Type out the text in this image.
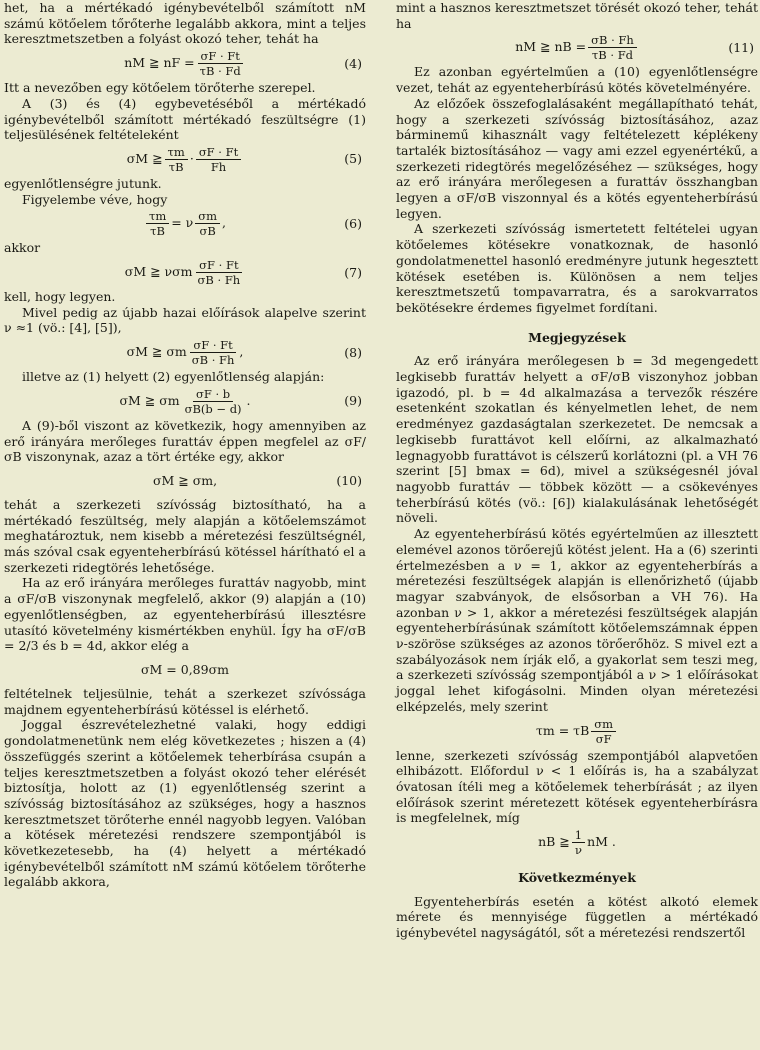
het, ha a mértékadó igénybevételből számított nM számú kötőelem tőrőterhe legalább akkora, mint a teljes keresztmetszetben a folyást okozó teher, tehát ha

nM ≧ nF = $\frac{\sigma F \cdot Ft}{\tau B \cdot Fd}$	(4)

Itt a nevezőben egy kötőelem törőterhe szerepel.

A (3) és (4) egybevetéséből a mértékadó igénybevételből számított mértékadó feszültségre (1) teljesülésének feltételeként

σM ≧ $\frac{\tau m}{\tau B} \cdot \frac{\sigma F \cdot Ft}{Fh}$	(5)

egyenlőtlenségre jutunk.

Figyelembe véve, hogy

$\frac{\tau m}{\tau B} = \nu \frac{\sigma m}{\sigma B}$ ,	(6)

akkor

σM ≧ νσm $\frac{\sigma F \cdot Ft}{\sigma B \cdot Fh}$	(7)

kell, hogy legyen.

Mivel pedig az újabb hazai előírások alapelve szerint ν ≈1 (vö.: [4], [5]),

σM ≧ σm $\frac{\sigma F \cdot Ft}{\sigma B \cdot Fh}$ ,	(8)

illetve az (1) helyett (2) egyenlőtlenség alapján:

σM ≧ σm $\frac{\sigma F \cdot b}{\sigma B(b - d)}$ .	(9)

A (9)-ből viszont az következik, hogy amennyiben az erő irányára merőleges furattáv éppen megfelel az σF/σB viszonynak, azaz a tört értéke egy, akkor

σM ≧ σm,	(10)

tehát a szerkezeti szívósság biztosítható, ha a mértékadó feszültség, mely alapján a kötőelemszámot meghatároztuk, nem kisebb a méretezési feszültségnél, más szóval csak egyenteherbírású kötéssel hárítható el a szerkezeti ridegtörés lehetősége.

Ha az erő irányára merőleges furattáv nagyobb, mint a σF/σB viszonynak megfelelő, akkor (9) alapján a (10) egyenlőtlenségben, az egyenteherbírású illesztésre utasító követelmény kismértékben enyhül. Így ha σF/σB = 2/3 és b = 4d, akkor elég a

σM = 0,89σm

feltételnek teljesülnie, tehát a szerkezet szívóssága majdnem egyenteherbírású kötéssel is elérhető.

Joggal észrevételezhetné valaki, hogy eddigi gondolatmenetünk nem elég következetes ; hiszen a (4) összefüggés szerint a kötőelemek teherbírása csupán a teljes keresztmetszetben a folyást okozó teher elérését biztosítja, holott az (1) egyenlőtlenség szerint a szívósság biztosításához az szükséges, hogy a hasznos keresztmetszet törőterhe ennél nagyobb legyen. Valóban a kötések méretezési rendszere szempontjából is következetesebb, ha (4) helyett a mértékadó igénybevételből számított nM számú kötőelem törőterhe legalább akkora,

mint a hasznos keresztmetszet törését okozó teher, tehát ha

nM ≧ nB = $\frac{\sigma B \cdot Fh}{\tau B \cdot Fd}$	(11)

Ez azonban egyértelműen a (10) egyenlőtlenségre vezet, tehát az egyenteherbírású kötés követelményére.

Az előzőek összefoglalásaként megállapítható tehát, hogy a szerkezeti szívósság biztosításához, azaz bárminemű kihasznált vagy feltételezett képlékeny tartalék biztosításához — vagy ami ezzel egyenértékű, a szerkezeti ridegtörés megelőzéséhez — szükséges, hogy az erő irányára merőlegesen a furattáv összhangban legyen a σF/σB viszonnyal és a kötés egyenteherbírású legyen.

A szerkezeti szívósság ismertetett feltételei ugyan kötőelemes kötésekre vonatkoznak, de hasonló gondolatmenettel hasonló eredményre jutunk hegesztett kötések esetében is. Különösen a nem teljes keresztmetszetű tompavarratra, és a sarokvarratos bekötésekre érdemes figyelmet fordítani.

Megjegyzések

Az erő irányára merőlegesen b = 3d megengedett legkisebb furattáv helyett a σF/σB viszonyhoz jobban igazodó, pl. b = 4d alkalmazása a tervezők részére esetenként szokatlan és kényelmetlen lehet, de nem eredményez gazdaságtalan szerkezetet. De nemcsak a legkisebb furattávot kell előírni, az alkalmazható legnagyobb furattávot is célszerű korlátozni (pl. a VH 76 szerint [5] bmax = 6d), mivel a szükségesnél jóval nagyobb furattáv — többek között — a csökevényes teherbírású kötés (vö.: [6]) kialakulásának lehetőségét növeli.

Az egyenteherbírású kötés egyértelműen az illesztett elemével azonos törőerejű kötést jelent. Ha a (6) szerinti értelmezésben a ν = 1, akkor az egyenteherbírás a méretezési feszültségek alapján is ellenőrizhető (újabb magyar szabványok, de elsősorban a VH 76). Ha azonban ν > 1, akkor a méretezési feszültségek alapján egyenteherbírásúnak számított kötőelemszámnak éppen ν-szöröse szükséges az azonos törőerőhöz. S mivel ezt a szabályozások nem írják elő, a gyakorlat sem teszi meg, a szerkezeti szívósság szempontjából a ν > 1 előírásokat joggal lehet kifogásolni. Minden olyan méretezési elképzelés, mely szerint

τm = τB $\frac{\sigma m}{\sigma F}$

lenne, szerkezeti szívósság szempontjából alapvetően elhibázott. Előfordul ν < 1 előírás is, ha a szabályzat óvatosan ítéli meg a kötőelemek teherbírását ; az ilyen előírások szerint méretezett kötések egyenteherbírásra is megfelelnek, míg

nB ≧ $\frac{1}{\nu}$ nM .
Következmények

Egyenteherbírás esetén a kötést alkotó elemek mérete és mennyisége független a mértékadó igénybevétel nagyságától, sőt a méretezési rendszertől
